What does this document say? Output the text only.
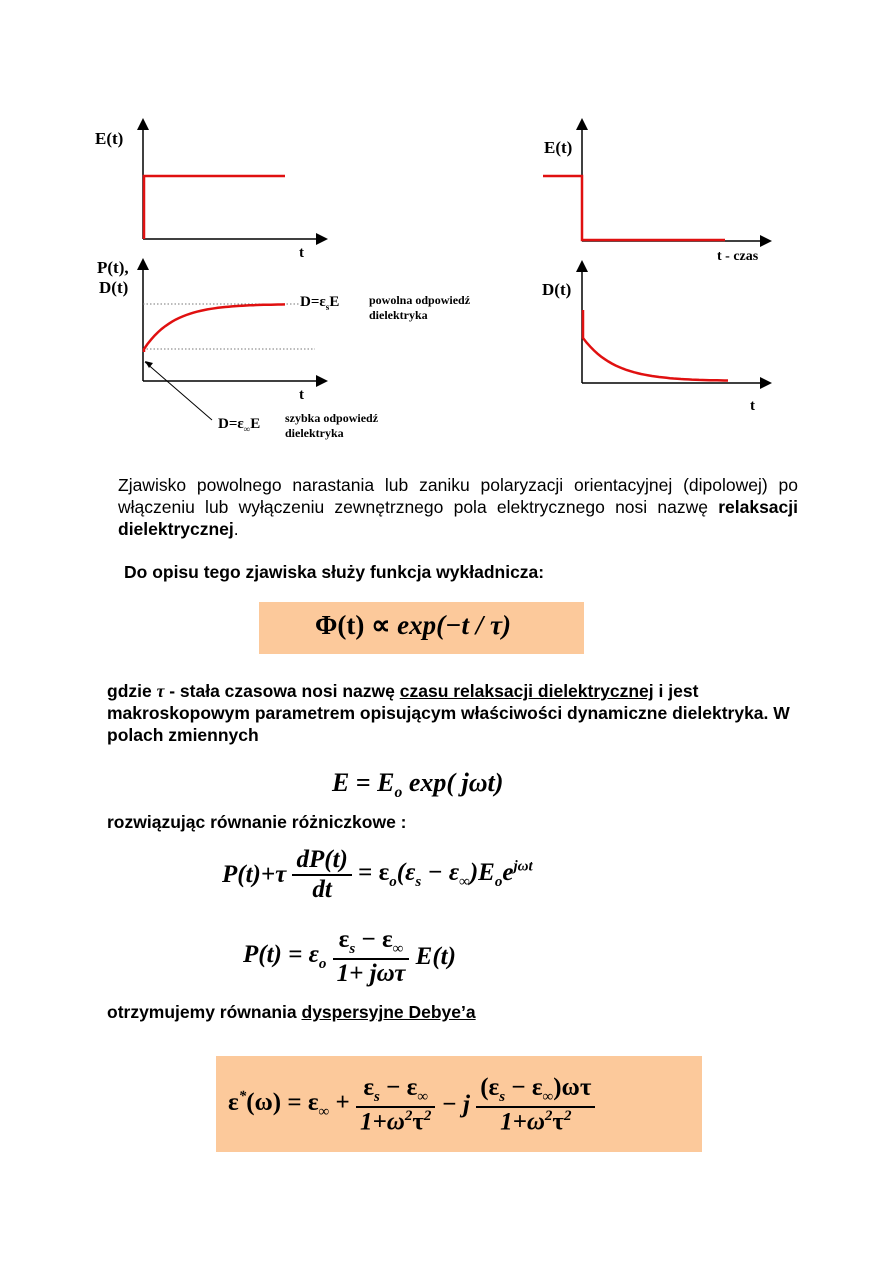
E(t)
t
E(t)
t - czas
P(t),
D(t)
t
$D=\varepsilon_sE$ powolna odpowiedź
dielektryka
$D=\varepsilon_\infty E$ szybka odpowiedź
dielektryka
D(t)
t
Zjawisko powolnego narastania lub zaniku polaryzacji orientacyjnej (dipolowej) po włączeniu lub wyłączeniu zewnętrznego pola elektrycznego nosi nazwę relaksacji dielektrycznej.
Do opisu tego zjawiska służy funkcja wykładnicza:
Φ(t) ∝ exp(−t / τ)
gdzie τ - stała czasowa nosi nazwę czasu relaksacji dielektrycznej i jest makroskopowym parametrem opisującym właściwości dynamiczne dielektryka. W polach zmiennych
$E = E_o$ exp( jωt)
rozwiązując równanie różniczkowe :
$P(t)+\tau \frac{dP(t)}{dt} = \varepsilon_o(\varepsilon_s - \varepsilon_\infty)E_oe^{j\omega t}$
$P(t) = \varepsilon_o \frac{\varepsilon_s - \varepsilon_\infty}{\text{1+ jωτ}} E(t)$
otrzymujemy równania dyspersyjne Debye’a
$\varepsilon^*(\omega) = \varepsilon_\infty + \frac{\varepsilon_s - \varepsilon_\infty}{1+\omega^2\tau^2} - j \frac{(\varepsilon_s - \varepsilon_\infty)\omega\tau}{1+\omega^2\tau^2}$
